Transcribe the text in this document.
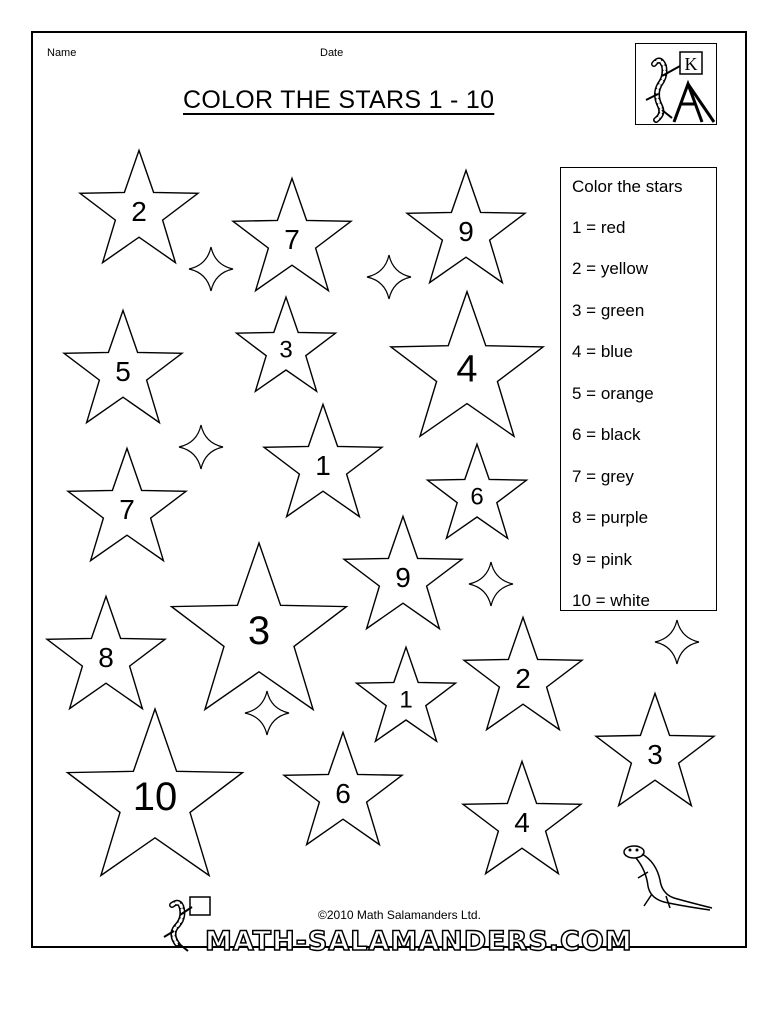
Name	Date
COLOR THE STARS 1 - 10
K
Color the stars
1 = red
2 = yellow
3 = green
4 = blue
5 = orange
6 = black
7 = grey
8 = purple
9 = pink
10 = white
2
7	9
5
3	4
1
7	6
9
3
8
2
1
10	6
3
4
©2010 Math Salamanders Ltd.
MATH-SALAMANDERS.COM
